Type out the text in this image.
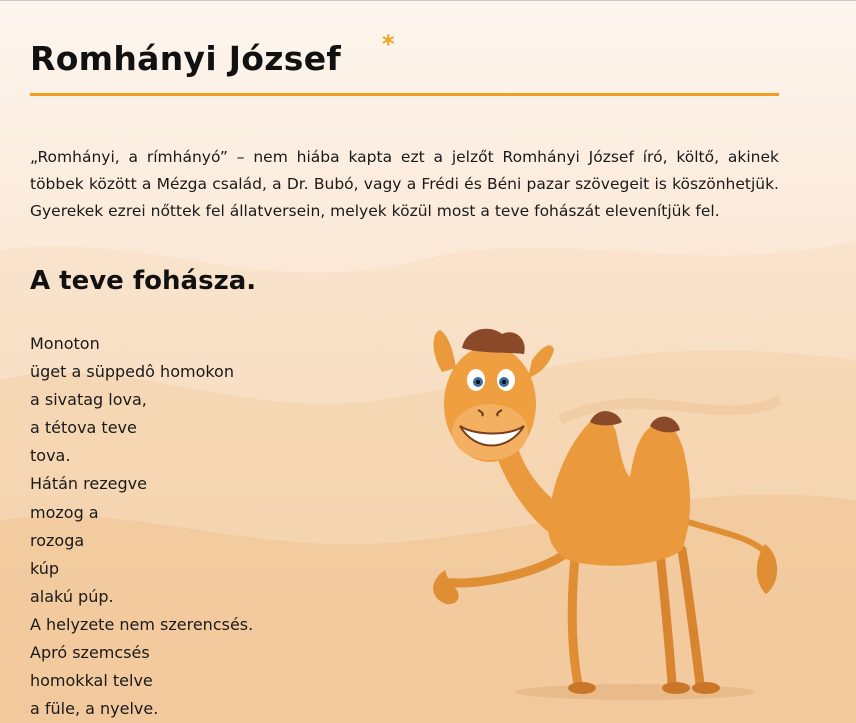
Romhányi József *

„Romhányi, a rímhányó” – nem hiába kapta ezt a jelzőt Romhányi József író, költő, akinek többek között a Mézga család, a Dr. Bubó, vagy a Frédi és Béni pazar szövegeit is köszönhetjük. Gyerekek ezrei nőttek fel állatversein, melyek közül most a teve fohászát elevenítjük fel.

A teve fohásza.
Monoton
üget a süppedô homokon
a sivatag lova,
a tétova teve
tova.
Hátán rezegve
mozog a
rozoga
kúp
alakú púp.
A helyzete nem szerencsés.
Apró szemcsés
homokkal telve
a füle, a nyelve.
